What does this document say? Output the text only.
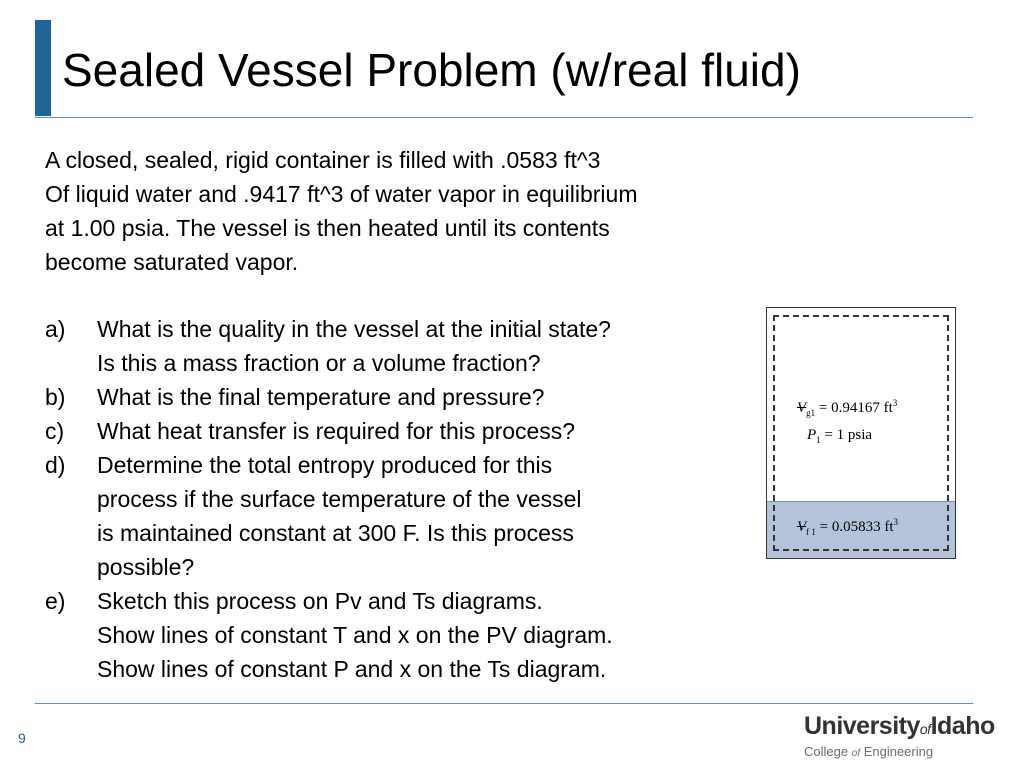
Sealed Vessel Problem (w/real fluid)
A closed, sealed, rigid container is filled with .0583 ft^3
Of liquid water and .9417 ft^3 of water vapor in equilibrium
at 1.00 psia. The vessel is then heated until its contents
become saturated vapor.
a)	What is the quality in the vessel at the initial state?
Is this a mass fraction or a volume fraction?
b)	What is the final temperature and pressure?
c)	What heat transfer is required for this process?
d)	Determine the total entropy produced for this
process if the surface temperature of the vessel
is maintained constant at 300 F. Is this process
possible?
e)	Sketch this process on Pv and Ts diagrams.
Show lines of constant T and x on the PV diagram.
Show lines of constant P and x on the Ts diagram.
$V_{g1} = 0.94167$ $ft^3$
$P_1 = 1$ psia
$V_{f 1} = 0.05833$ $ft^3$
9	UniversityofIdaho
College of Engineering
